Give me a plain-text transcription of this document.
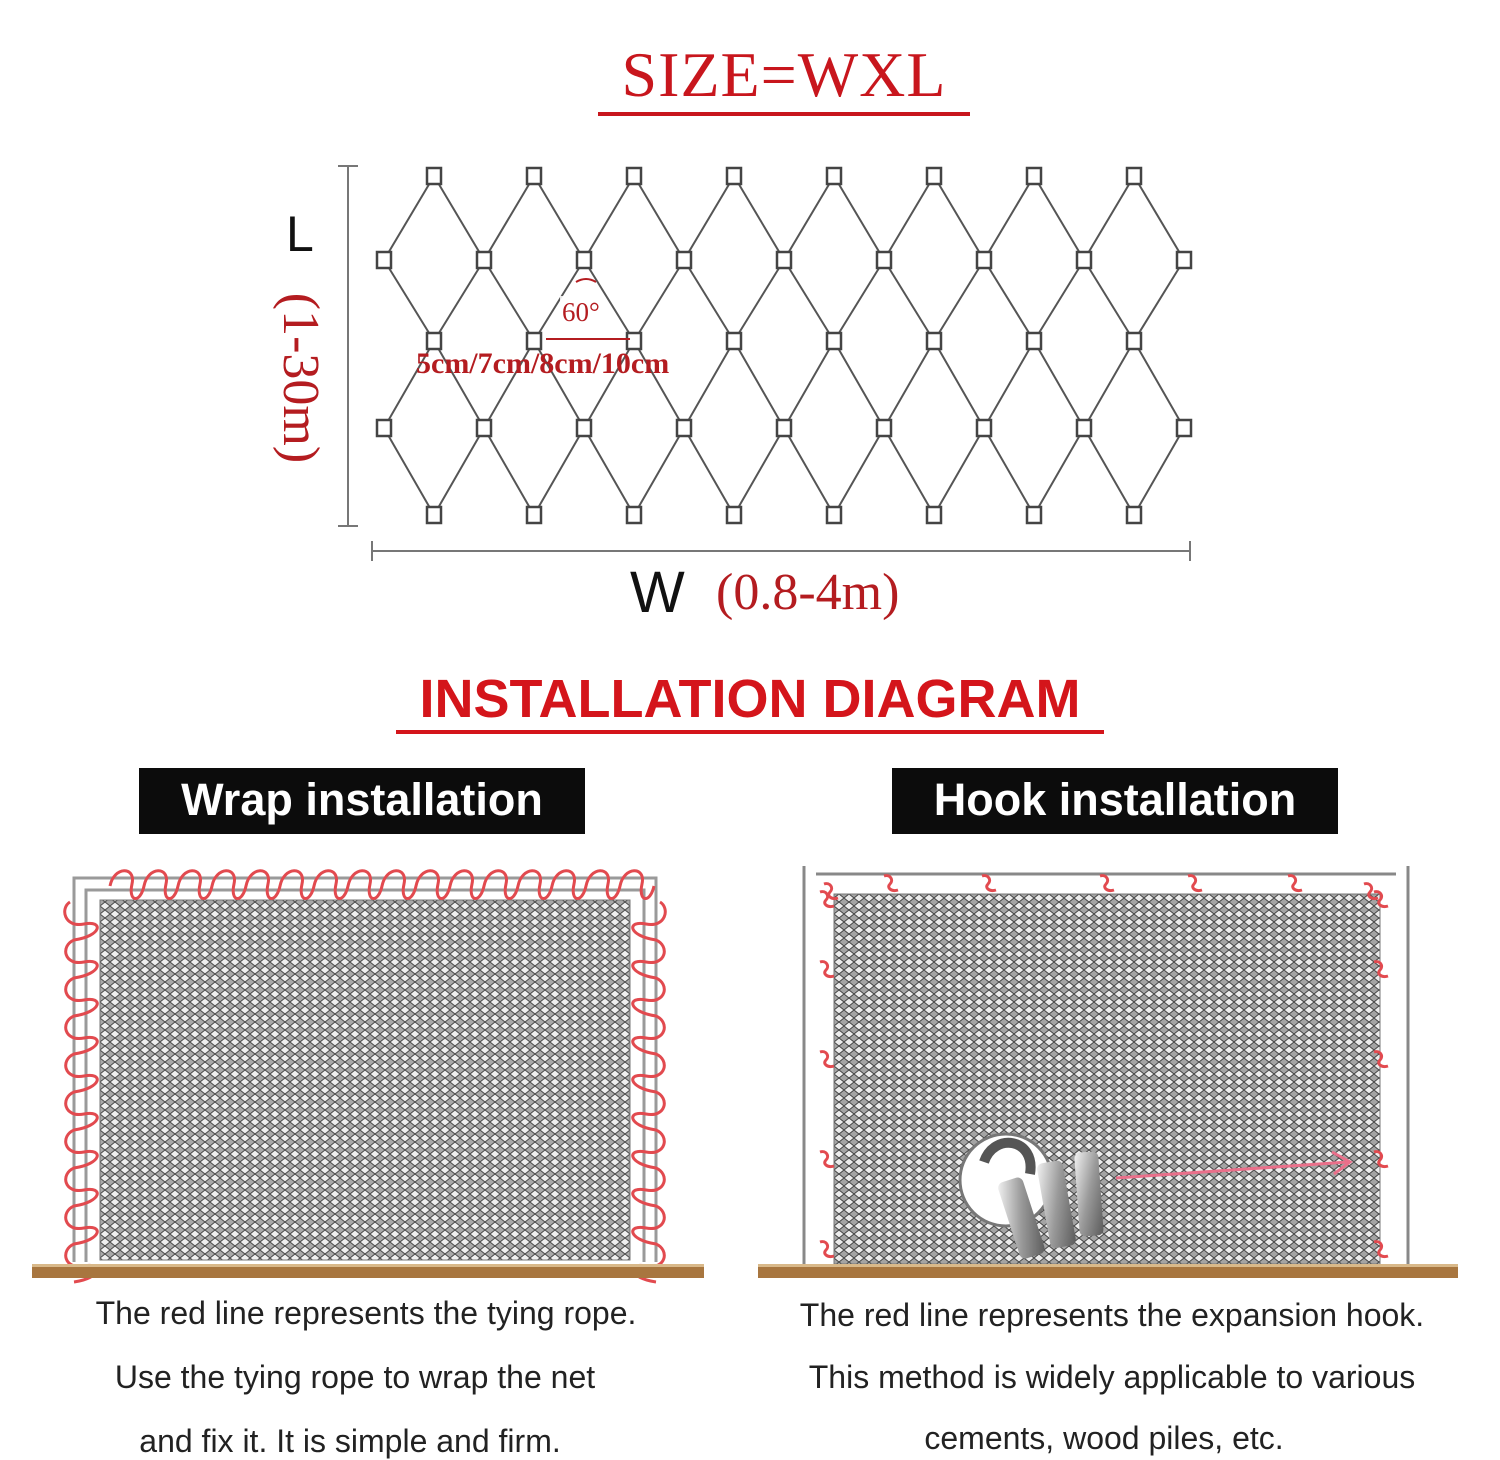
SIZE=WXL
L
(1-30m)	60°
5cm/7cm/8cm/10cm
W (0.8-4m)
INSTALLATION DIAGRAM
Wrap installation	Hook installation
The red line represents the tying rope.
Use the tying rope to wrap the net
and fix it. It is simple and firm.
The red line represents the expansion hook.
This method is widely applicable to various
cements, wood piles, etc.
